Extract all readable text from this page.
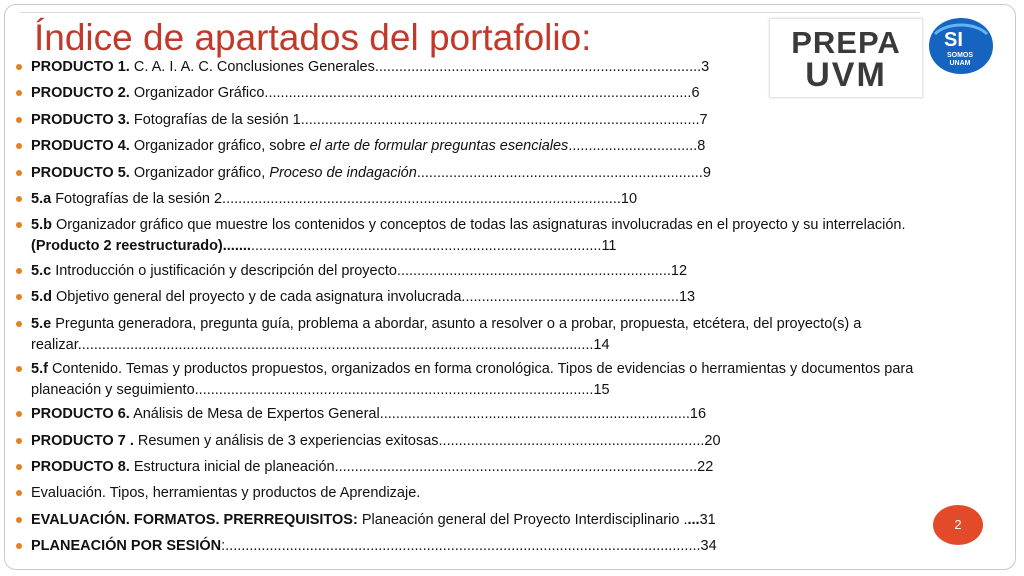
Índice de apartados del portafolio:	PREPA
UVM
SI
SOMOS UNAM
PRODUCTO 1. C. A. I. A. C. Conclusiones Generales.................................................................................3
PRODUCTO 2. Organizador Gráfico..........................................................................................................6
PRODUCTO 3. Fotografías de la sesión 1...................................................................................................7
PRODUCTO 4. Organizador gráfico, sobre el arte de formular preguntas esenciales................................8
PRODUCTO 5. Organizador gráfico, Proceso de indagación.......................................................................9
5.a Fotografías de la sesión 2...................................................................................................10
5.b Organizador gráfico que muestre los contenidos y conceptos de todas las asignaturas involucradas en el proyecto y su interrelación. (Producto 2 reestructurado)..............................................................................................11
5.c Introducción o justificación y descripción del proyecto....................................................................12
5.d Objetivo general del proyecto y de cada asignatura involucrada......................................................13
5.e Pregunta generadora, pregunta guía, problema a abordar, asunto a resolver o a probar, propuesta, etcétera, del proyecto(s) a realizar................................................................................................................................14
5.f Contenido. Temas y productos propuestos, organizados en forma cronológica. Tipos de evidencias o herramientas y documentos para planeación y seguimiento...................................................................................................15
PRODUCTO 6. Análisis de Mesa de Expertos General.............................................................................16
PRODUCTO 7 . Resumen y análisis de 3 experiencias exitosas..................................................................20
PRODUCTO 8. Estructura inicial de planeación..........................................................................................22
Evaluación. Tipos, herramientas y productos de Aprendizaje.
EVALUACIÓN. FORMATOS. PRERREQUISITOS: Planeación general del Proyecto Interdisciplinario ....31
PLANEACIÓN POR SESIÓN:......................................................................................................................34
2
